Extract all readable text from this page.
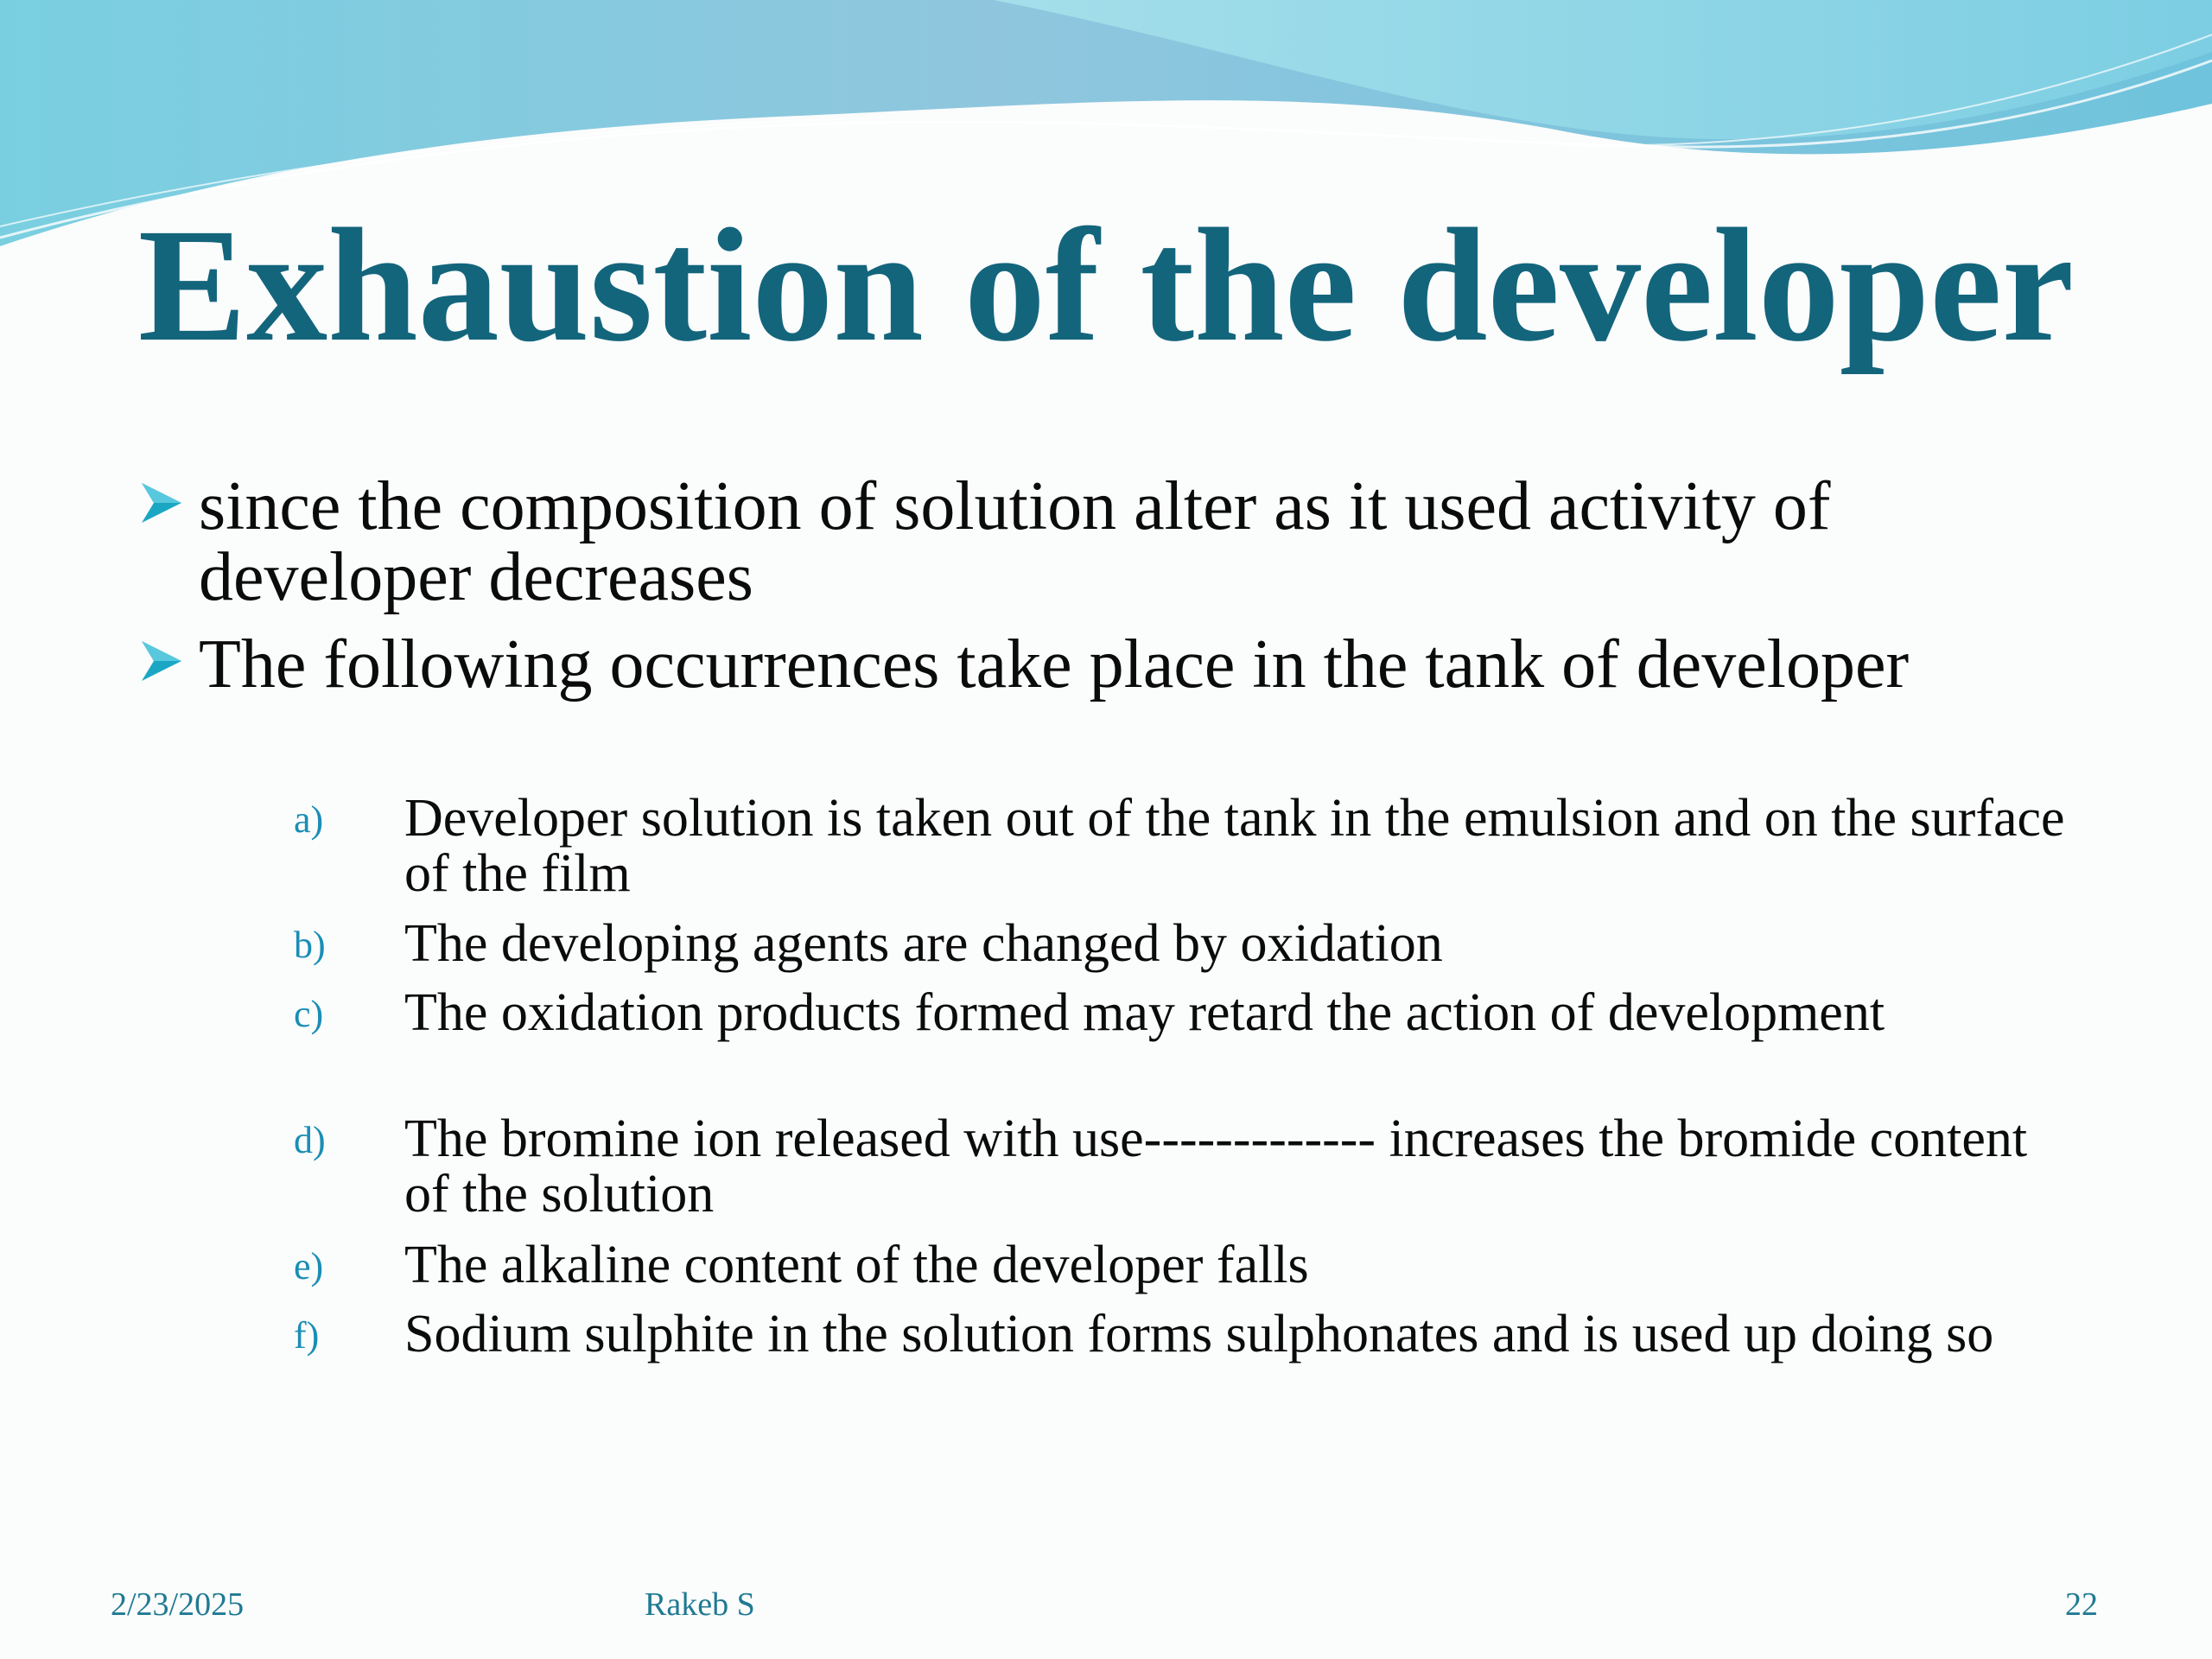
Exhaustion of the developer
since the composition of solution alter as it used activity of developer decreases
The following occurrences take place in the tank of developer
a) Developer solution is taken out of the tank in the emulsion and on the surface of the film
b) The developing agents are changed by oxidation
c) The oxidation products formed may retard the action of development
d) The bromine ion released with use------------- increases the bromide content of the solution
e) The alkaline content of the developer falls
f) Sodium sulphite in the solution forms sulphonates and is used up doing so
2/23/2025	Rakeb S	22
